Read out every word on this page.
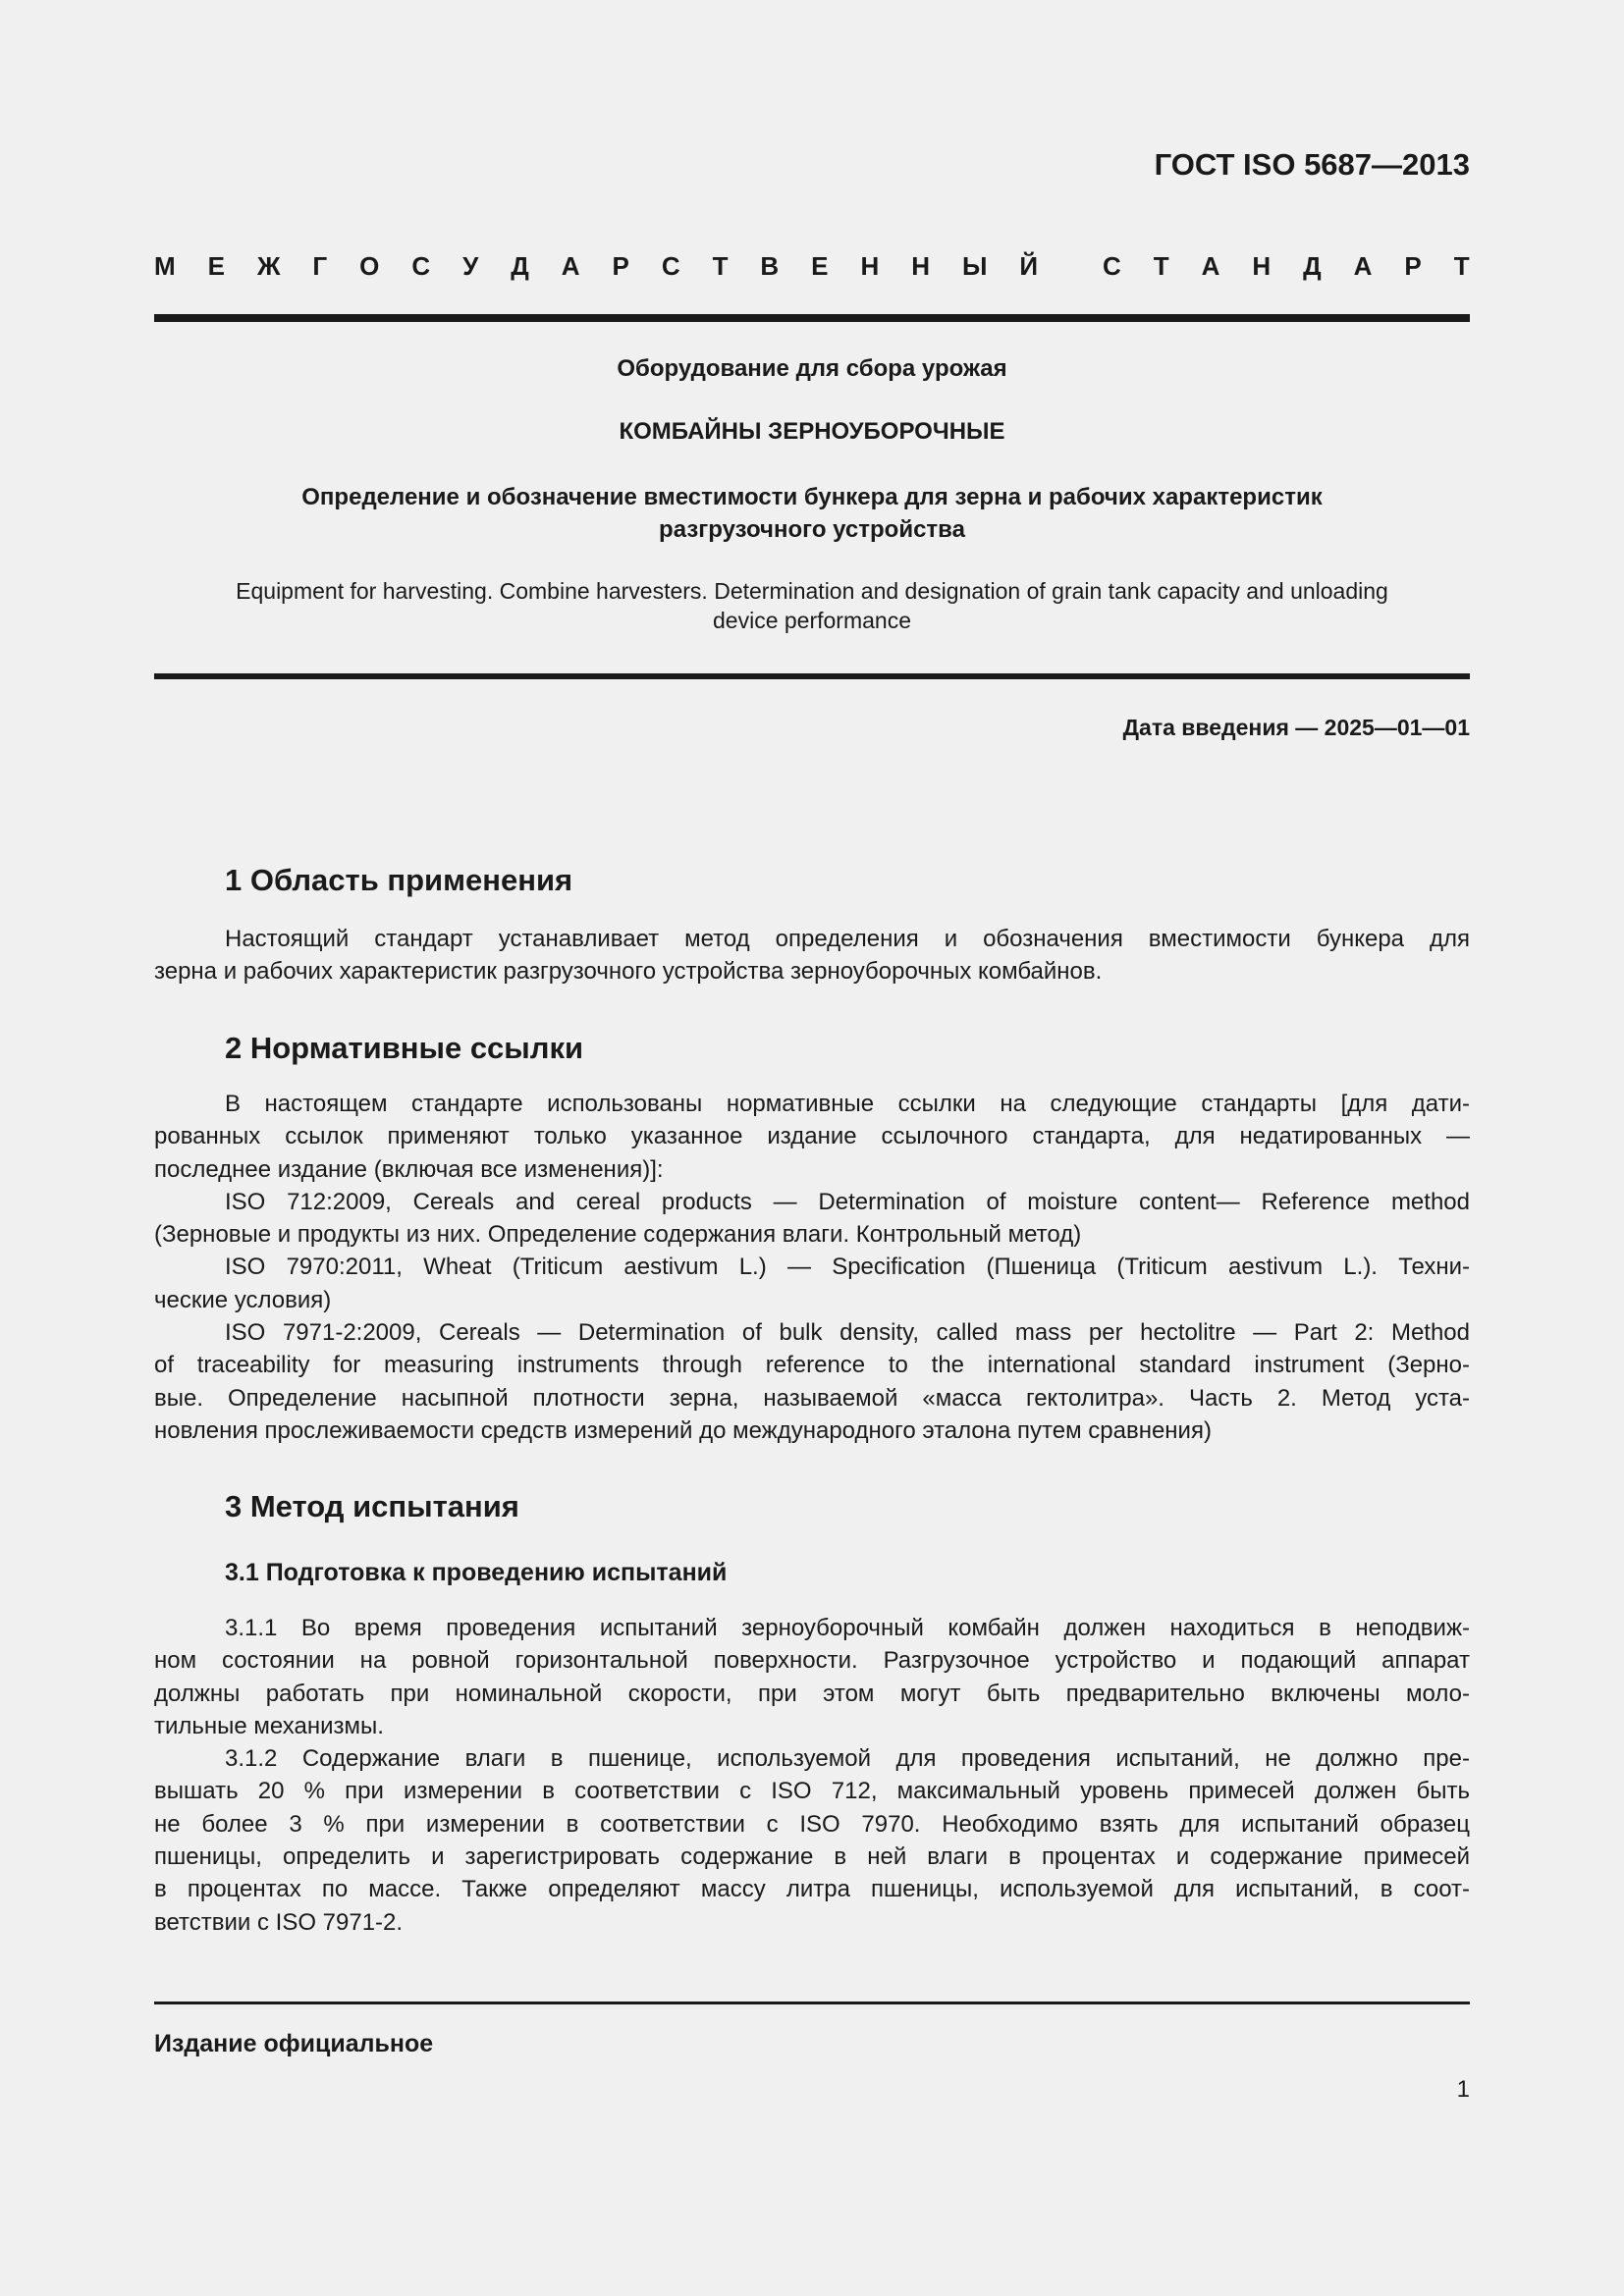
ГОСТ ISO 5687—2013
М Е Ж Г О С У Д А Р С Т В Е Н Н Ы Й	С Т А Н Д А Р Т
Оборудование для сбора урожая
КОМБАЙНЫ ЗЕРНОУБОРОЧНЫЕ
Определение и обозначение вместимости бункера для зерна и рабочих характеристик
разгрузочного устройства
Equipment for harvesting. Combine harvesters. Determination and designation of grain tank capacity and unloading
device performance
Дата введения — 2025—01—01
1 Область применения
Настоящий стандарт устанавливает метод определения и обозначения вместимости бункера для
зерна и рабочих характеристик разгрузочного устройства зерноуборочных комбайнов.
2 Нормативные ссылки
В настоящем стандарте использованы нормативные ссылки на следующие стандарты [для дати-
рованных ссылок применяют только указанное издание ссылочного стандарта, для недатированных —
последнее издание (включая все изменения)]:
ISO 712:2009, Cereals and cereal products — Determination of moisture content— Reference method
(Зерновые и продукты из них. Определение содержания влаги. Контрольный метод)
ISO 7970:2011, Wheat (Triticum aestivum L.) — Specification (Пшеница (Triticum aestivum L.). Техни-
ческие условия)
ISO 7971-2:2009, Cereals — Determination of bulk density, called mass per hectolitre — Part 2: Method
of traceability for measuring instruments through reference to the international standard instrument (Зерно-
вые. Определение насыпной плотности зерна, называемой «масса гектолитра». Часть 2. Метод уста-
новления прослеживаемости средств измерений до международного эталона путем сравнения)
3 Метод испытания
3.1 Подготовка к проведению испытаний
3.1.1 Во время проведения испытаний зерноуборочный комбайн должен находиться в неподвиж-
ном состоянии на ровной горизонтальной поверхности. Разгрузочное устройство и подающий аппарат
должны работать при номинальной скорости, при этом могут быть предварительно включены моло-
тильные механизмы.
3.1.2 Содержание влаги в пшенице, используемой для проведения испытаний, не должно пре-
вышать 20 % при измерении в соответствии с ISO 712, максимальный уровень примесей должен быть
не более 3 % при измерении в соответствии с ISO 7970. Необходимо взять для испытаний образец
пшеницы, определить и зарегистрировать содержание в ней влаги в процентах и содержание примесей
в процентах по массе. Также определяют массу литра пшеницы, используемой для испытаний, в соот-
ветствии с ISO 7971-2.
Издание официальное
1
